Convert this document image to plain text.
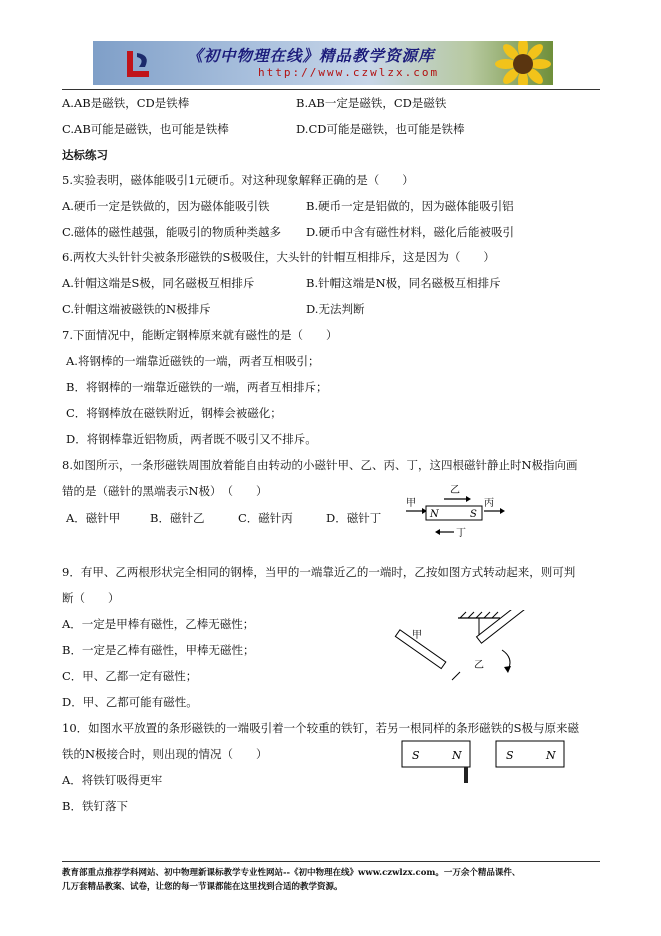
《初中物理在线》精品教学资源库
http://www.czwlzx.com
A.AB是磁铁，CD是铁棒	B.AB一定是磁铁，CD是磁铁
C.AB可能是磁铁，也可能是铁棒	D.CD可能是磁铁，也可能是铁棒
达标练习
5.实验表明，磁体能吸引1元硬币。对这种现象解释正确的是（　　）
A.硬币一定是铁做的，因为磁体能吸引铁	B.硬币一定是铝做的，因为磁体能吸引铝
C.磁体的磁性越强，能吸引的物质种类越多 D.硬币中含有磁性材料，磁化后能被吸引
6.两枚大头针针尖被条形磁铁的S极吸住，大头针的针帽互相排斥，这是因为（　　）
A.针帽这端是S极，同名磁极互相排斥	B.针帽这端是N极，同名磁极互相排斥
C.针帽这端被磁铁的N极排斥	D.无法判断
7.下面情况中，能断定钢棒原来就有磁性的是（　　）
A.将钢棒的一端靠近磁铁的一端，两者互相吸引；
B．将钢棒的一端靠近磁铁的一端，两者互相排斥；
C．将钢棒放在磁铁附近，钢棒会被磁化；
D．将钢棒靠近铝物质，两者既不吸引又不排斥。
8.如图所示，一条形磁铁周围放着能自由转动的小磁针甲、乙、丙、丁，这四根磁针静止时N极指向画
错的是（磁针的黑端表示N极）　（　　）
A．磁针甲	B．磁针乙	C．磁针丙	D．磁针丁
乙
甲
N	S
丙
丁
9．有甲、乙两根形状完全相同的钢棒，当甲的一端靠近乙的一端时，乙按如图方式转动起来，则可判
断（　　）
A．一定是甲棒有磁性，乙棒无磁性；
B．一定是乙棒有磁性，甲棒无磁性；
C．甲、乙都一定有磁性；
D．甲、乙都可能有磁性。
甲
乙
10．如图水平放置的条形磁铁的一端吸引着一个较重的铁钉，若另一根同样的条形磁铁的S极与原来磁
铁的N极接合时，则出现的情况（　　）
A．将铁钉吸得更牢
B．铁钉落下
S	N	S	N
教育部重点推荐学科网站、初中物理新课标教学专业性网站--《初中物理在线》www.czwlzx.com。一万余个精品课件、
几万套精品教案、试卷，让您的每一节课都能在这里找到合适的教学资源。
